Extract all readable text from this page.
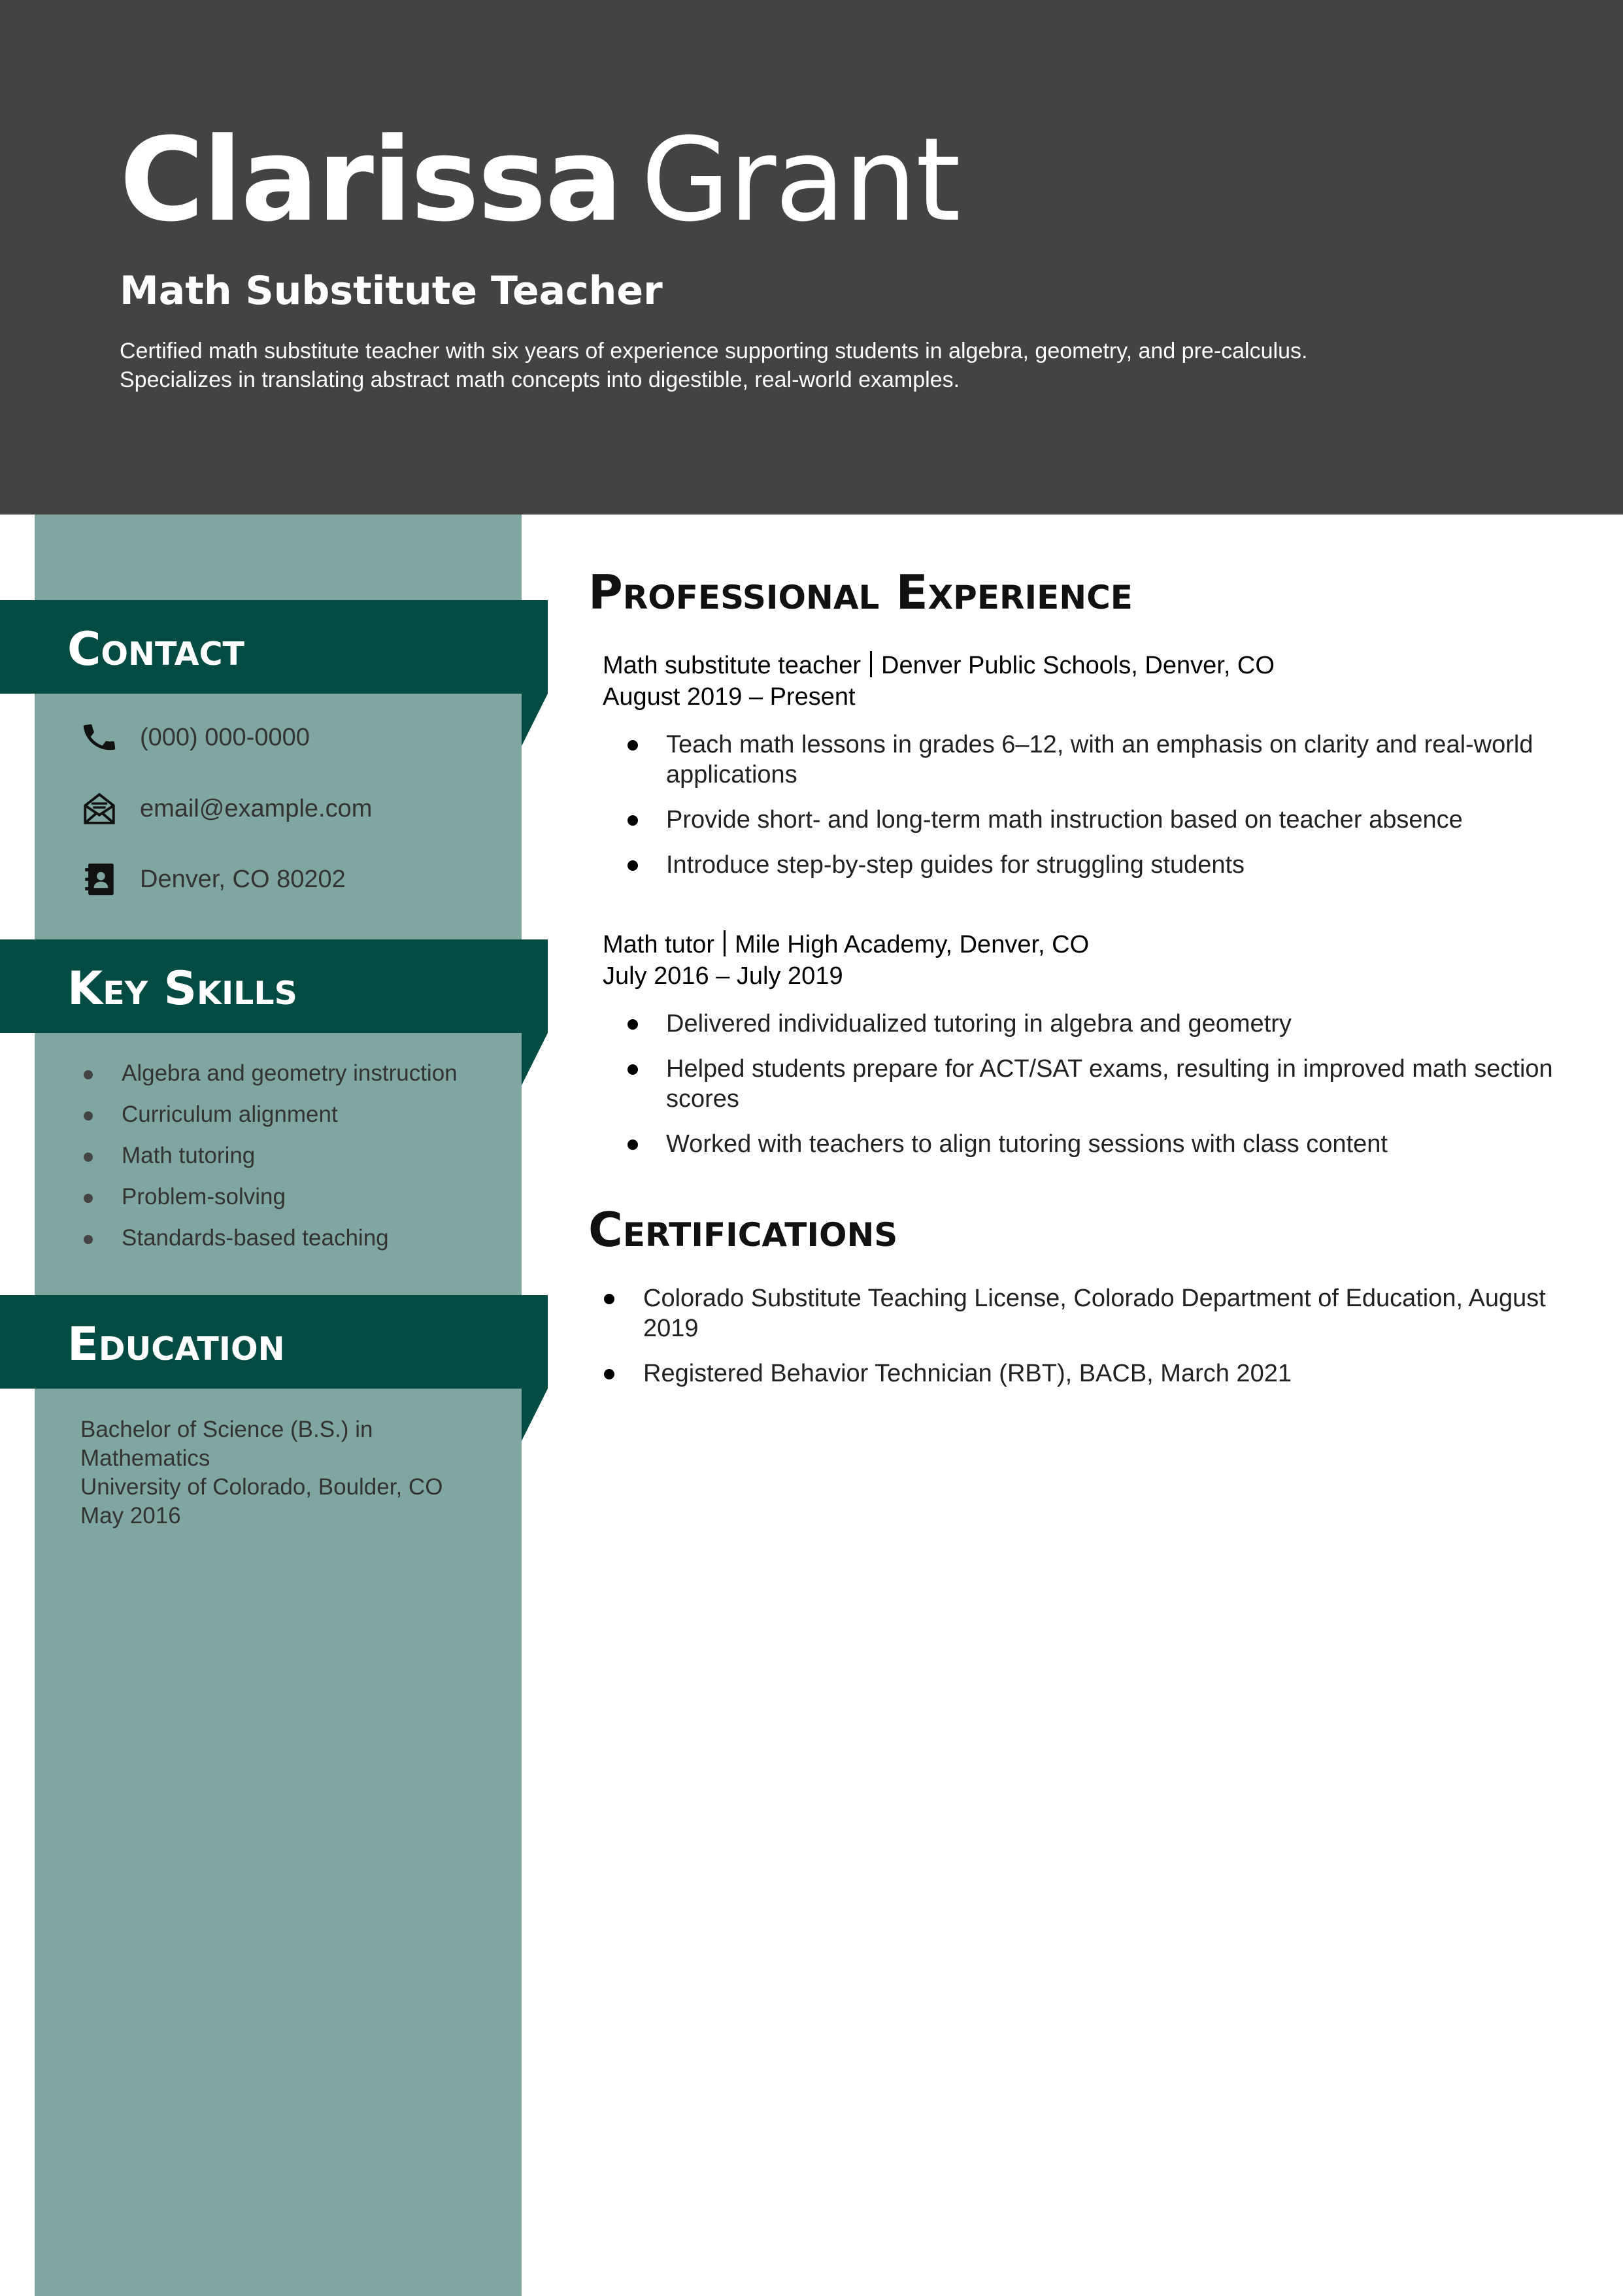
Clarissa Grant
Math Substitute Teacher

Certified math substitute teacher with six years of experience supporting students in algebra, geometry, and pre-calculus.

Specializes in translating abstract math concepts into digestible, real-world examples.

Contact
(000) 000-0000
email@example.com
Denver, CO 80202
Key Skills
Algebra and geometry instruction
Curriculum alignment
Math tutoring
Problem-solving
Standards-based teaching
Education

Bachelor of Science (B.S.) in

Mathematics

University of Colorado, Boulder, CO

May 2016

Professional Experience
Math substitute teacher Denver Public Schools, Denver, CO
August 2019 – Present
Teach math lessons in grades 6–12, with an emphasis on clarity and real-world applications
Provide short- and long-term math instruction based on teacher absence
Introduce step-by-step guides for struggling students
Math tutor Mile High Academy, Denver, CO
July 2016 – July 2019
Delivered individualized tutoring in algebra and geometry
Helped students prepare for ACT/SAT exams, resulting in improved math section scores
Worked with teachers to align tutoring sessions with class content
Certifications
Colorado Substitute Teaching License, Colorado Department of Education, August 2019
Registered Behavior Technician (RBT), BACB, March 2021
